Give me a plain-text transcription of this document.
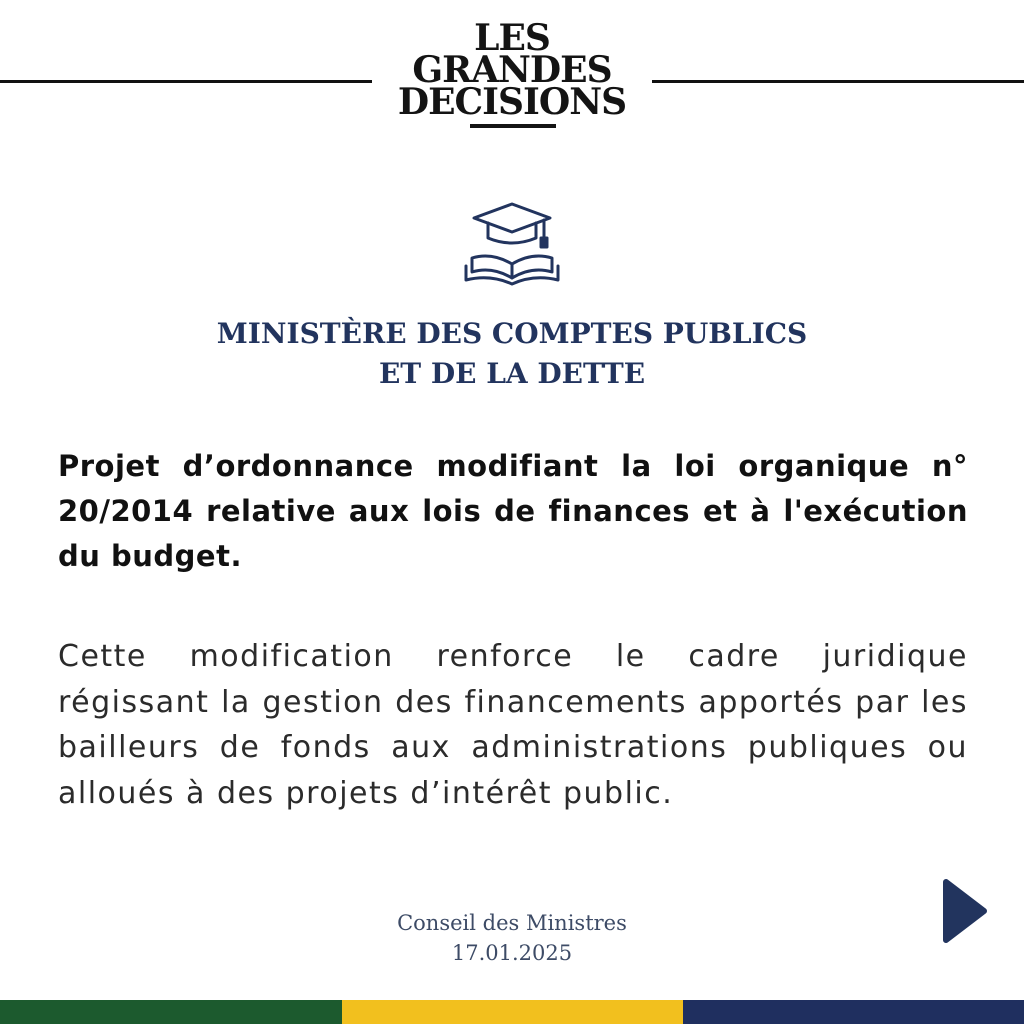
LES
GRANDES
DECISIONS
MINISTÈRE DES COMPTES PUBLICS
ET DE LA DETTE
Projet d’ordonnance modifiant la loi organique n° 20/2014 relative aux lois de finances et à l'exécution du budget.
Cette modification renforce le cadre juridique régissant la gestion des financements apportés par les bailleurs de fonds aux administrations publiques ou alloués à des projets d’intérêt public.
Conseil des Ministres
17.01.2025
